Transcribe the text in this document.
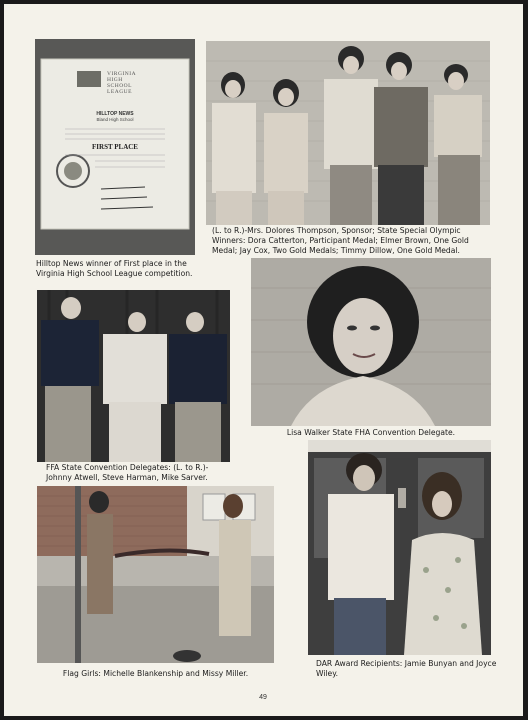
VIRGINIA
HIGH
SCHOOL
LEAGUE
HILLTOP NEWS
Bland High School
FIRST PLACE

Hilltop News winner of First place in the Virginia High School League competition.

(L. to R.)-Mrs. Dolores Thompson, Sponsor; State Special Olympic Winners: Dora Catterton, Participant Medal; Elmer Brown, One Gold Medal; Jay Cox, Two Gold Medals; Timmy Dillow, One Gold Medal.

Lisa Walker State FHA Convention Delegate.

FFA State Convention Delegates: (L. to R.)-Johnny Atwell, Steve Harman, Mike Sarver.

Flag Girls: Michelle Blankenship and Missy Miller.

DAR Award Recipients: Jamie Bunyan and Joyce Wiley.

49
